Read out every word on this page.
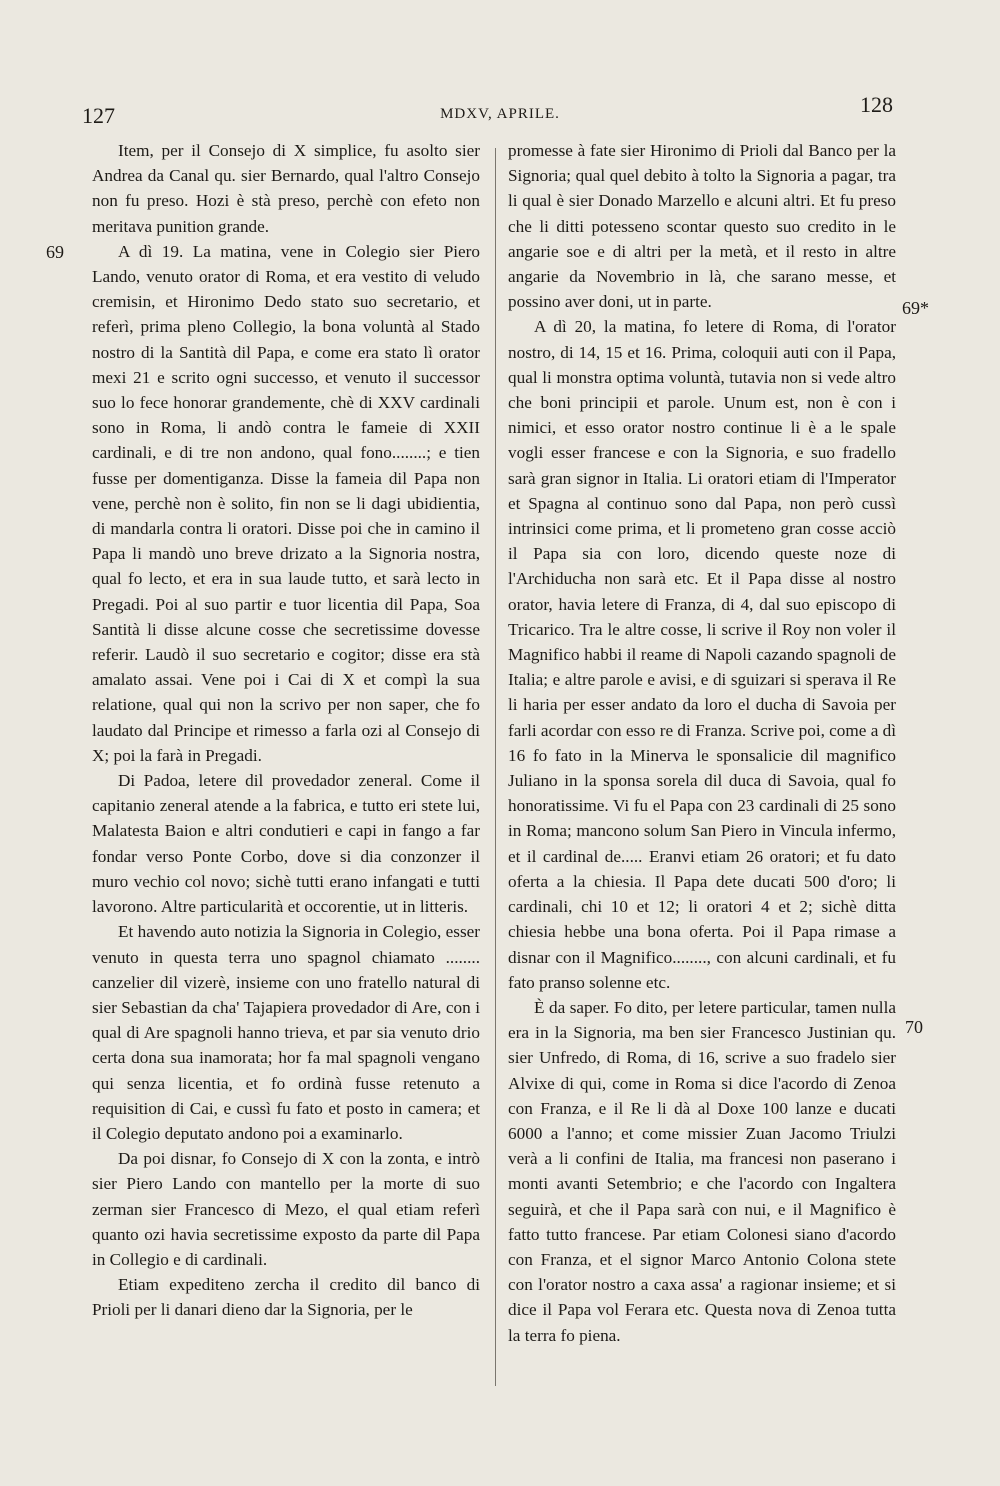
127	MDXV, APRILE.	128
69
69*
70

Item, per il Consejo di X simplice, fu asolto sier Andrea da Canal qu. sier Bernardo, qual l'altro Consejo non fu preso. Hozi è stà preso, perchè con efeto non meritava punition grande.

A dì 19. La matina, vene in Colegio sier Piero Lando, venuto orator di Roma, et era vestito di veludo cremisin, et Hironimo Dedo stato suo secretario, et referì, prima pleno Collegio, la bona voluntà al Stado nostro di la Santità dil Papa, e come era stato lì orator mexi 21 e scrito ogni successo, et venuto il successor suo lo fece honorar grandemente, chè di XXV cardinali sono in Roma, li andò contra le fameie di XXII cardinali, e di tre non andono, qual fono........; e tien fusse per domentiganza. Disse la fameia dil Papa non vene, perchè non è solito, fin non se li dagi ubidientia, di mandarla contra li oratori. Disse poi che in camino il Papa li mandò uno breve drizato a la Signoria nostra, qual fo lecto, et era in sua laude tutto, et sarà lecto in Pregadi. Poi al suo partir e tuor licentia dil Papa, Soa Santità li disse alcune cosse che secretissime dovesse referir. Laudò il suo secretario e cogitor; disse era stà amalato assai. Vene poi i Cai di X et compì la sua relatione, qual qui non la scrivo per non saper, che fo laudato dal Principe et rimesso a farla ozi al Consejo di X; poi la farà in Pregadi.

Di Padoa, letere dil provedador zeneral. Come il capitanio zeneral atende a la fabrica, e tutto eri stete lui, Malatesta Baion e altri condutieri e capi in fango a far fondar verso Ponte Corbo, dove si dia conzonzer il muro vechio col novo; sichè tutti erano infangati e tutti lavorono. Altre particularità et occorentie, ut in litteris.

Et havendo auto notizia la Signoria in Colegio, esser venuto in questa terra uno spagnol chiamato ........ canzelier dil vizerè, insieme con uno fratello natural di sier Sebastian da cha' Tajapiera provedador di Are, con i qual di Are spagnoli hanno trieva, et par sia venuto drio certa dona sua inamorata; hor fa mal spagnoli vengano qui senza licentia, et fo ordinà fusse retenuto a requisition di Cai, e cussì fu fato et posto in camera; et il Colegio deputato andono poi a examinarlo.

Da poi disnar, fo Consejo di X con la zonta, e intrò sier Piero Lando con mantello per la morte di suo zerman sier Francesco di Mezo, el qual etiam referì quanto ozi havia secretissime exposto da parte dil Papa in Collegio e di cardinali.

Etiam expediteno zercha il credito dil banco di Prioli per li danari dieno dar la Signoria, per le

promesse à fate sier Hironimo di Prioli dal Banco per la Signoria; qual quel debito à tolto la Signoria a pagar, tra li qual è sier Donado Marzello e alcuni altri. Et fu preso che li ditti potesseno scontar questo suo credito in le angarie soe e di altri per la metà, et il resto in altre angarie da Novembrio in là, che sarano messe, et possino aver doni, ut in parte.

A dì 20, la matina, fo letere di Roma, di l'orator nostro, di 14, 15 et 16. Prima, coloquii auti con il Papa, qual li monstra optima voluntà, tutavia non si vede altro che boni principii et parole. Unum est, non è con i nimici, et esso orator nostro continue li è a le spale vogli esser francese e con la Signoria, e suo fradello sarà gran signor in Italia. Li oratori etiam di l'Imperator et Spagna al continuo sono dal Papa, non però cussì intrinsici come prima, et li prometeno gran cosse acciò il Papa sia con loro, dicendo queste noze di l'Archiducha non sarà etc. Et il Papa disse al nostro orator, havia letere di Franza, di 4, dal suo episcopo di Tricarico. Tra le altre cosse, li scrive il Roy non voler il Magnifico habbi il reame di Napoli cazando spagnoli de Italia; e altre parole e avisi, e di sguizari si sperava il Re li haria per esser andato da loro el ducha di Savoia per farli acordar con esso re di Franza. Scrive poi, come a dì 16 fo fato in la Minerva le sponsalicie dil magnifico Juliano in la sponsa sorela dil duca di Savoia, qual fo honoratissime. Vi fu el Papa con 23 cardinali di 25 sono in Roma; mancono solum San Piero in Vincula infermo, et il cardinal de..... Eranvi etiam 26 oratori; et fu dato oferta a la chiesia. Il Papa dete ducati 500 d'oro; li cardinali, chi 10 et 12; li oratori 4 et 2; sichè ditta chiesia hebbe una bona oferta. Poi il Papa rimase a disnar con il Magnifico........, con alcuni cardinali, et fu fato pranso solenne etc.

È da saper. Fo dito, per letere particular, tamen nulla era in la Signoria, ma ben sier Francesco Justinian qu. sier Unfredo, di Roma, di 16, scrive a suo fradelo sier Alvixe di qui, come in Roma si dice l'acordo di Zenoa con Franza, e il Re li dà al Doxe 100 lanze e ducati 6000 a l'anno; et come missier Zuan Jacomo Triulzi verà a li confini de Italia, ma francesi non paserano i monti avanti Setembrio; e che l'acordo con Ingaltera seguirà, et che il Papa sarà con nui, e il Magnifico è fatto tutto francese. Par etiam Colonesi siano d'acordo con Franza, et el signor Marco Antonio Colona stete con l'orator nostro a caxa assa' a ragionar insieme; et si dice il Papa vol Ferara etc. Questa nova di Zenoa tutta la terra fo piena.
